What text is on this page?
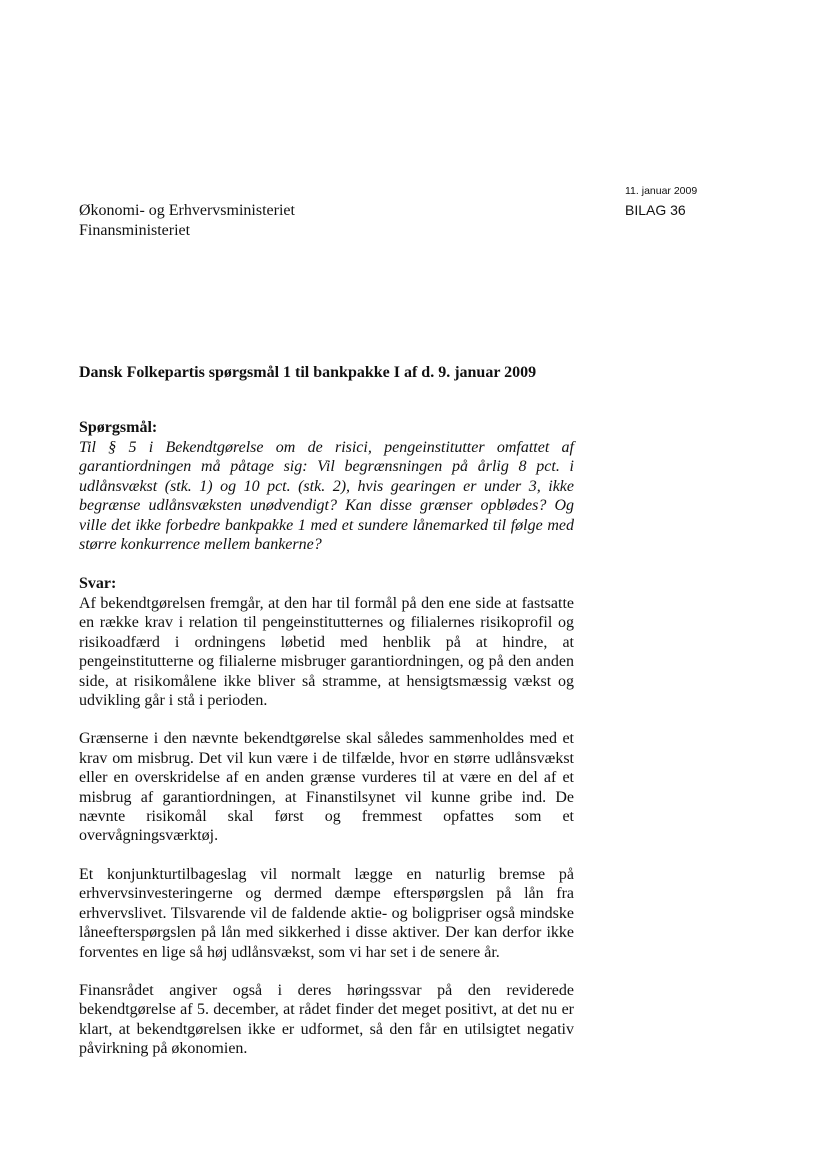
Økonomi- og Erhvervsministeriet
Finansministeriet
11. januar 2009
BILAG 36
Dansk Folkepartis spørgsmål 1 til bankpakke I af d. 9. januar 2009
Spørgsmål:

Til § 5 i Bekendtgørelse om de risici, pengeinstitutter omfattet af garantiordningen må påtage sig: Vil begrænsningen på årlig 8 pct. i udlånsvækst (stk. 1) og 10 pct. (stk. 2), hvis gearingen er under 3, ikke begrænse udlånsvæksten unødvendigt? Kan disse grænser opblødes? Og ville det ikke forbedre bankpakke 1 med et sundere lånemarked til følge med større konkurrence mellem bankerne?

Svar:

Af bekendtgørelsen fremgår, at den har til formål på den ene side at fastsatte en række krav i relation til pengeinstitutternes og filialernes risikoprofil og risikoadfærd i ordningens løbetid med henblik på at hindre, at pengeinstitutterne og filialerne misbruger garantiordningen, og på den anden side, at risikomålene ikke bliver så stramme, at hensigtsmæssig vækst og udvikling går i stå i perioden.

Grænserne i den nævnte bekendtgørelse skal således sammenholdes med et krav om misbrug. Det vil kun være i de tilfælde, hvor en større udlånsvækst eller en overskridelse af en anden grænse vurderes til at være en del af et misbrug af garantiordningen, at Finanstilsynet vil kunne gribe ind. De nævnte risikomål skal først og fremmest opfattes som et overvågningsværktøj.

Et konjunkturtilbageslag vil normalt lægge en naturlig bremse på erhvervsinvesteringerne og dermed dæmpe efterspørgslen på lån fra erhvervslivet. Tilsvarende vil de faldende aktie- og boligpriser også mindske låneefterspørgslen på lån med sikkerhed i disse aktiver. Der kan derfor ikke forventes en lige så høj udlånsvækst, som vi har set i de senere år.

Finansrådet angiver også i deres høringssvar på den reviderede bekendtgørelse af 5. december, at rådet finder det meget positivt, at det nu er klart, at bekendtgørelsen ikke er udformet, så den får en utilsigtet negativ påvirkning på økonomien.
